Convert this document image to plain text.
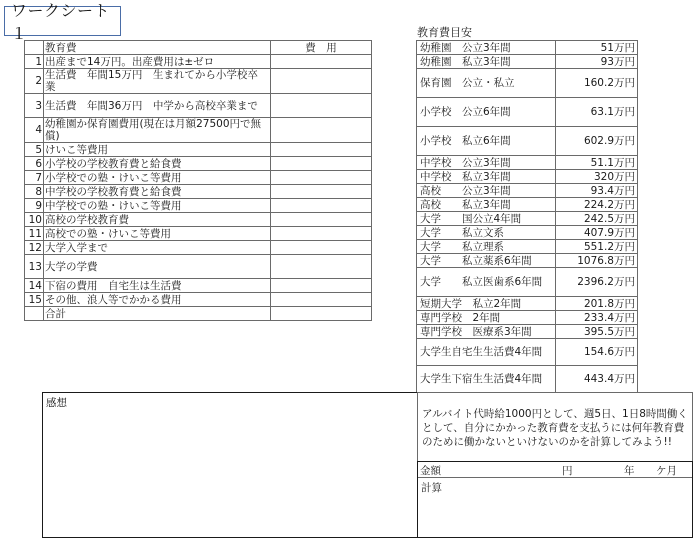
ワークシート１
	教育費	費　用
1	出産まで14万円。出産費用は±ゼロ	
2	生活費　年間15万円　生まれてから小学校卒業	
3	生活費　年間36万円　中学から高校卒業まで	
4	幼稚園か保育園費用(現在は月額27500円で無償)	
5	けいこ等費用	
6	小学校の学校教育費と給食費	
7	小学校での塾・けいこ等費用	
8	中学校の学校教育費と給食費	
9	中学校での塾・けいこ等費用	
10	高校の学校教育費	
11	高校での塾・けいこ等費用	
12	大学入学まで	
13	大学の学費	
14	下宿の費用　自宅生は生活費	
15	その他、浪人等でかかる費用	
	合計	
教育費目安
幼稚園　公立3年間	51万円
幼稚園　私立3年間	93万円
保育園　公立・私立	160.2万円
小学校　公立6年間	63.1万円
小学校　私立6年間	602.9万円
中学校　公立3年間	51.1万円
中学校　私立3年間	320万円
高校　　公立3年間	93.4万円
高校　　私立3年間	224.2万円
大学　　国公立4年間	242.5万円
大学　　私立文系	407.9万円
大学　　私立理系	551.2万円
大学　　私立薬系6年間	1076.8万円
大学　　私立医歯系6年間	2396.2万円
短期大学　私立2年間	201.8万円
専門学校　2年間	233.4万円
専門学校　医療系3年間	395.5万円
大学生自宅生生活費4年間	154.6万円
大学生下宿生生活費4年間	443.4万円
感想
アルバイト代時給1000円として、週5日、1日8時間働くとして、自分にかかった教育費を支払うには何年教育費のために働かないといけないのかを計算してみよう!!
金額	円	年 ケ月
計算
